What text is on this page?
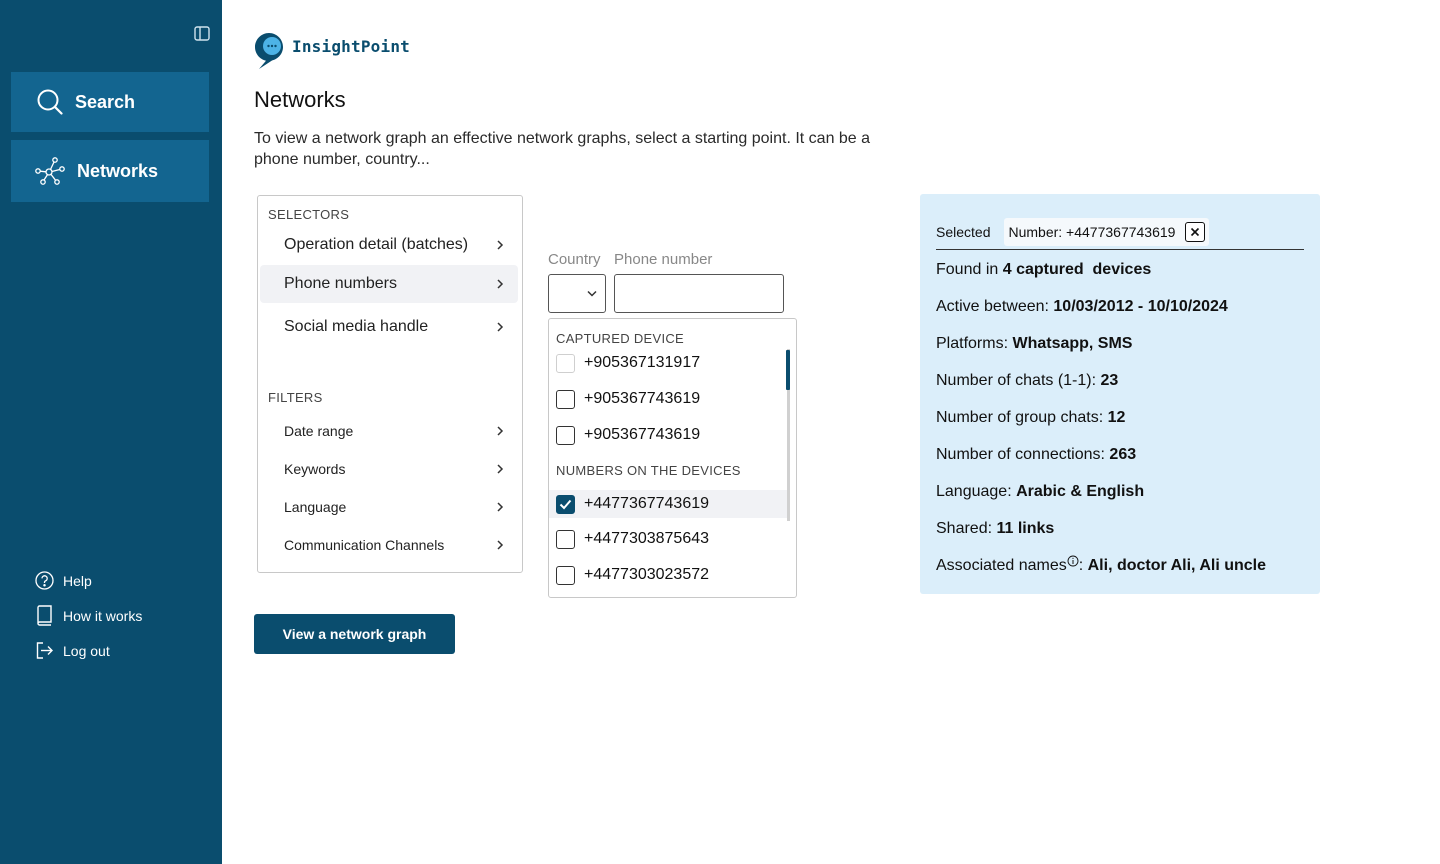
Search
Networks
Help
How it works
Log out
InsightPoint
Networks

To view a network graph an effective network graphs, select a starting point. It can be a phone number, country...

SELECTORS
Operation detail (batches)
Phone numbers
Social media handle
FILTERS
Date range
Keywords
Language
Communication Channels
Country Phone number
CAPTURED DEVICE
+905367131917
+905367743619
+905367743619
NUMBERS ON THE DEVICES
+4477367743619
+4477303875643
+4477303023572
View a network graph
Selected Number: +4477367743619
Found in 4 captured  devices
Active between: 10/03/2012 - 10/10/2024
Platforms: Whatsapp, SMS
Number of chats (1-1): 23
Number of group chats: 12
Number of connections: 263
Language: Arabic & English
Shared: 11 links
Associated names : Ali, doctor Ali, Ali uncle
